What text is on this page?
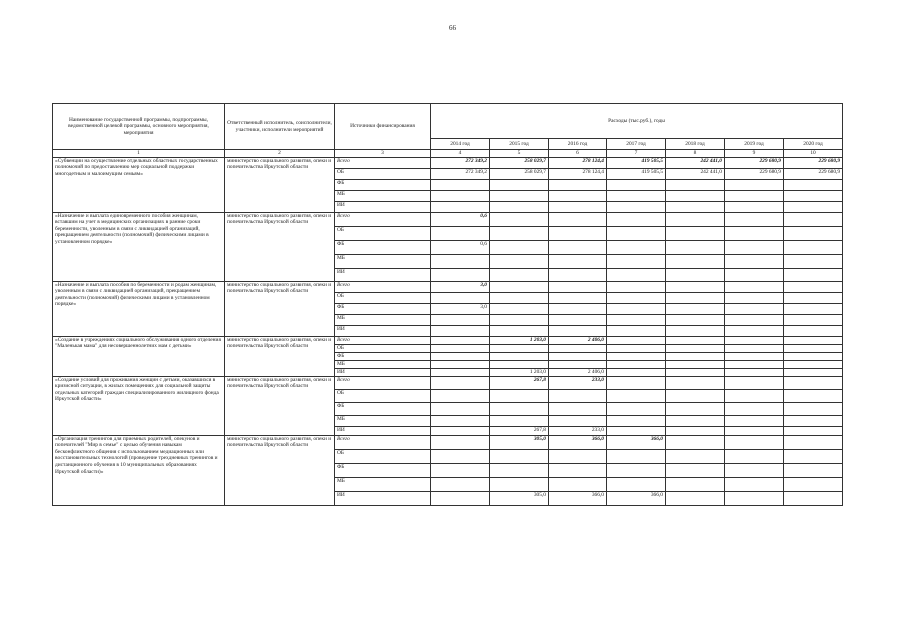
66
Наименование государственной программы, подпрограммы, ведомственной целевой программы, основного мероприятия, мероприятия	Ответственный исполнитель, соисполнители, участники, исполнители мероприятий	Источники финансирования	Расходы (тыс.руб.), годы						
			2014 год	2015 год	2016 год	2017 год	2018 год	2019 год	2020 год
1	2	3	4	5	6	7	8	9	10
«Субвенции на осуществление отдельных областных государственных полномочий по предоставлению мер социальной поддержки многодетным и малоимущим семьям»	министерство социального развития, опеки и попечительства Иркутской области	Всего	272 349,2	258 029,7	278 124,4	419 505,5	242 441,0	229 680,9	229 680,9
		ОБ	272 349,2	258 029,7	278 124,4	419 505,5	242 441,0	229 680,9	229 680,9
		ФБ							
		МБ							
		ИИ							
«Назначение и выплата единовременного пособия женщинам, вставшим на учет в медицинских организациях в ранние сроки беременности, уволенным в связи с ликвидацией организаций, прекращением деятельности (полномочий) физическими лицами в установленном порядке»	министерство социального развития, опеки и попечительства Иркутской области	Всего	0,6						
		ОБ							
		ФБ	0,6						
		МБ							
		ИИ							
«Назначение и выплата пособия по беременности и родам женщинам, уволенным в связи с ликвидацией организаций, прекращением деятельности (полномочий) физическими лицами в установленном порядке»	министерство социального развития, опеки и попечительства Иркутской области	Всего	3,0						
		ОБ							
		ФБ	3,0						
		МБ							
		ИИ							
«Создание в учреждениях социального обслуживания одного отделения "Маленькая мама" для несовершеннолетних мам с детьми»	министерство социального развития, опеки и попечительства Иркутской области	Всего		1 203,0	2 406,0				
		ОБ							
		ФБ							
		МБ							
		ИИ		1 203,0	2 406,0				
«Создание условий для проживания женщин с детьми, оказавшихся в кризисной ситуации, в жилых помещениях для социальной защиты отдельных категорий граждан специализированного жилищного фонда Иркутской области»	министерство социального развития, опеки и попечительства Иркутской области	Всего		267,8	233,0				
		ОБ							
		ФБ							
		МБ							
		ИИ		267,8	233,0				
«Организация тренингов для приемных родителей, опекунов и попечителей "Мир в семье" с целью обучения навыкам бесконфликтного общения с использованием медиационных или восстановительных технологий (проведение трехдневных тренингов и дистанционного обучения в 10 муниципальных образованиях Иркутской области)»	министерство социального развития, опеки и попечительства Иркутской области	Всего		305,0	366,0	366,0			
		ОБ							
		ФБ							
		МБ							
		ИИ		305,0	366,0	366,0			
